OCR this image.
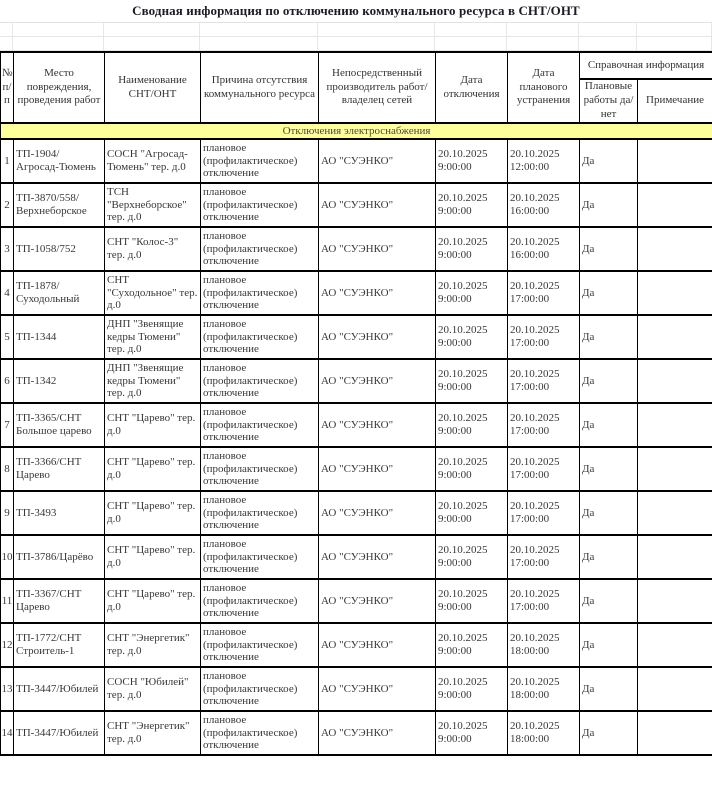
Сводная информация по отключению коммунального ресурса в СНТ/ОНТ
№ п/п	Место повреждения, проведения работ	Наименование СНТ/ОНТ	Причина отсутствия коммунального ресурса	Непосредственный производитель работ/ владелец сетей	Дата отключения	Дата планового устранения	Справочная информация	
							Плановые работы да/нет	Примечание
Отключения электроснабжения								
1	ТП-1904/Агросад-Тюмень	СОСН "Агросад-Тюмень" тер. д.0	плановое (профилактическое) отключение	АО "СУЭНКО"	20.10.2025 9:00:00	20.10.2025 12:00:00	Да	
2	ТП-3870/558/Верхнеборское	ТСН "Верхнеборское" тер. д.0	плановое (профилактическое) отключение	АО "СУЭНКО"	20.10.2025 9:00:00	20.10.2025 16:00:00	Да	
3	ТП-1058/752	СНТ "Колос-3" тер. д.0	плановое (профилактическое) отключение	АО "СУЭНКО"	20.10.2025 9:00:00	20.10.2025 16:00:00	Да	
4	ТП-1878/Суходольный	СНТ "Суходольное" тер. д.0	плановое (профилактическое) отключение	АО "СУЭНКО"	20.10.2025 9:00:00	20.10.2025 17:00:00	Да	
5	ТП-1344	ДНП "Звенящие кедры Тюмени" тер. д.0	плановое (профилактическое) отключение	АО "СУЭНКО"	20.10.2025 9:00:00	20.10.2025 17:00:00	Да	
6	ТП-1342	ДНП "Звенящие кедры Тюмени" тер. д.0	плановое (профилактическое) отключение	АО "СУЭНКО"	20.10.2025 9:00:00	20.10.2025 17:00:00	Да	
7	ТП-3365/СНТ Большое царево	СНТ "Царево" тер. д.0	плановое (профилактическое) отключение	АО "СУЭНКО"	20.10.2025 9:00:00	20.10.2025 17:00:00	Да	
8	ТП-3366/СНТ Царево	СНТ "Царево" тер. д.0	плановое (профилактическое) отключение	АО "СУЭНКО"	20.10.2025 9:00:00	20.10.2025 17:00:00	Да	
9	ТП-3493	СНТ "Царево" тер. д.0	плановое (профилактическое) отключение	АО "СУЭНКО"	20.10.2025 9:00:00	20.10.2025 17:00:00	Да	
10	ТП-3786/Царёво	СНТ "Царево" тер. д.0	плановое (профилактическое) отключение	АО "СУЭНКО"	20.10.2025 9:00:00	20.10.2025 17:00:00	Да	
11	ТП-3367/СНТ Царево	СНТ "Царево" тер. д.0	плановое (профилактическое) отключение	АО "СУЭНКО"	20.10.2025 9:00:00	20.10.2025 17:00:00	Да	
12	ТП-1772/СНТ Строитель-1	СНТ "Энергетик" тер. д.0	плановое (профилактическое) отключение	АО "СУЭНКО"	20.10.2025 9:00:00	20.10.2025 18:00:00	Да	
13	ТП-3447/Юбилей	СОСН "Юбилей" тер. д.0	плановое (профилактическое) отключение	АО "СУЭНКО"	20.10.2025 9:00:00	20.10.2025 18:00:00	Да	
14	ТП-3447/Юбилей	СНТ "Энергетик" тер. д.0	плановое (профилактическое) отключение	АО "СУЭНКО"	20.10.2025 9:00:00	20.10.2025 18:00:00	Да	
